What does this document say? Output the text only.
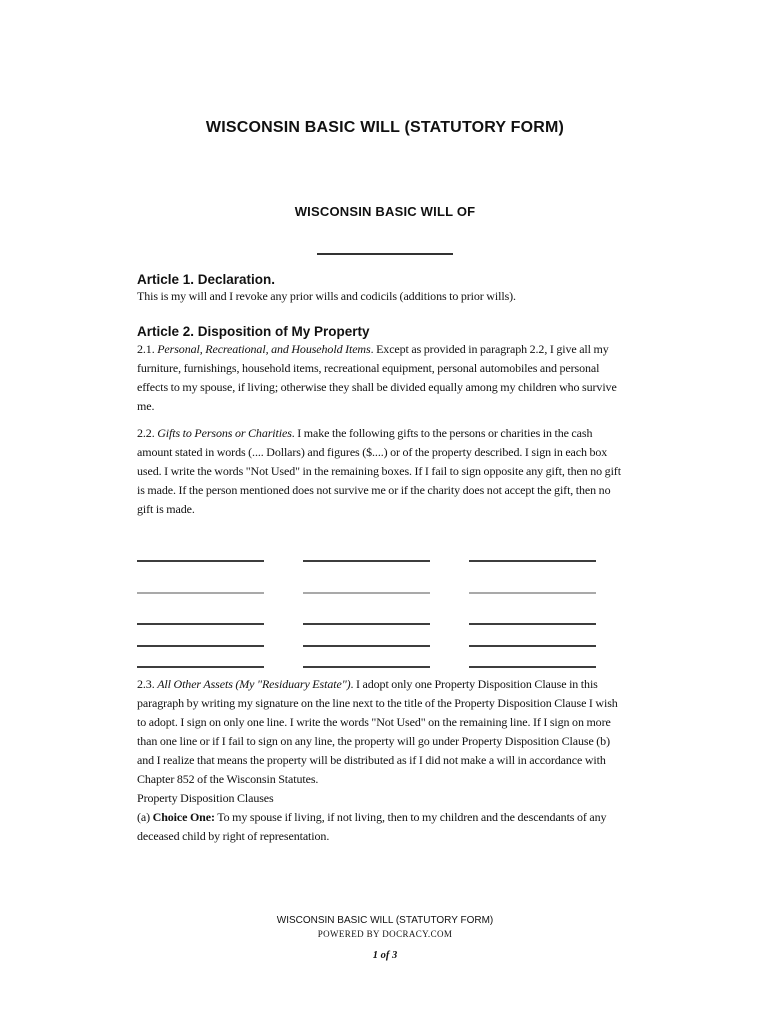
WISCONSIN BASIC WILL (STATUTORY FORM)
WISCONSIN BASIC WILL OF
Article 1. Declaration.

This is my will and I revoke any prior wills and codicils (additions to prior wills).

Article 2. Disposition of My Property

2.1. Personal, Recreational, and Household Items. Except as provided in paragraph 2.2, I give all my furniture, furnishings, household items, recreational equipment, personal automobiles and personal effects to my spouse, if living; otherwise they shall be divided equally among my children who survive me.

2.2. Gifts to Persons or Charities. I make the following gifts to the persons or charities in the cash amount stated in words (.... Dollars) and figures ($....) or of the property described. I sign in each box used. I write the words "Not Used" in the remaining boxes. If I fail to sign opposite any gift, then no gift is made. If the person mentioned does not survive me or if the charity does not accept the gift, then no gift is made.

2.3. All Other Assets (My "Residuary Estate"). I adopt only one Property Disposition Clause in this paragraph by writing my signature on the line next to the title of the Property Disposition Clause I wish to adopt. I sign on only one line. I write the words "Not Used" on the remaining line. If I sign on more than one line or if I fail to sign on any line, the property will go under Property Disposition Clause (b) and I realize that means the property will be distributed as if I did not make a will in accordance with Chapter 852 of the Wisconsin Statutes.

Property Disposition Clauses

(a) Choice One: To my spouse if living, if not living, then to my children and the descendants of any deceased child by right of representation.

WISCONSIN BASIC WILL (STATUTORY FORM)
POWERED BY DOCRACY.COM
1 of 3
